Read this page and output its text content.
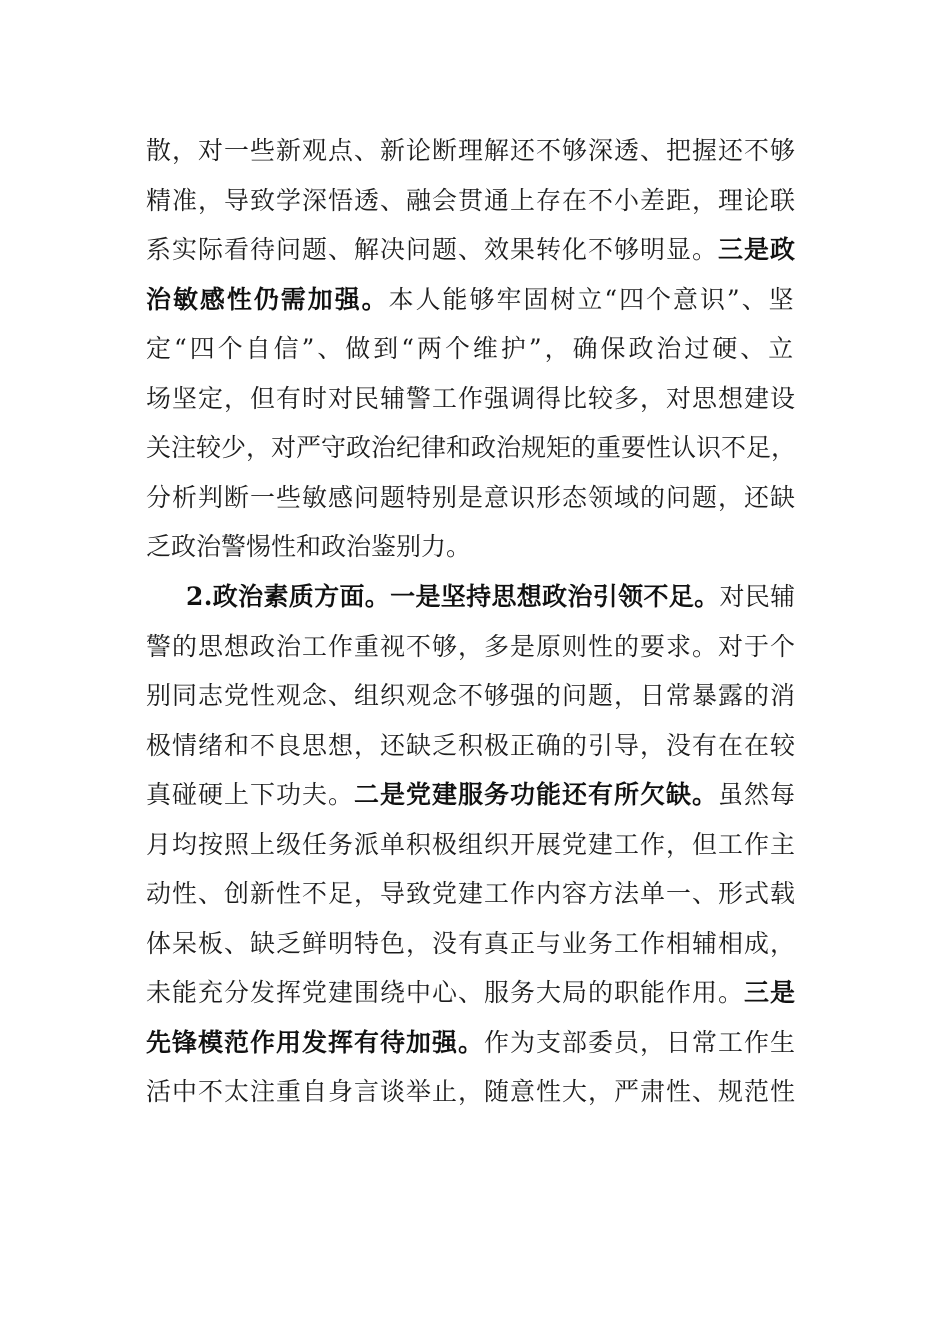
散，对一些新观点、新论断理解还不够深透、把握还不够
精准，导致学深悟透、融会贯通上存在不小差距，理论联
系实际看待问题、解决问题、效果转化不够明显。三是政
治敏感性仍需加强。本人能够牢固树立“四个意识”、坚
定“四个自信”、做到“两个维护”，确保政治过硬、立
场坚定，但有时对民辅警工作强调得比较多，对思想建设
关注较少，对严守政治纪律和政治规矩的重要性认识不足，
分析判断一些敏感问题特别是意识形态领域的问题，还缺
乏政治警惕性和政治鉴别力。
2.政治素质方面。一是坚持思想政治引领不足。对民辅
警的思想政治工作重视不够，多是原则性的要求。对于个
别同志党性观念、组织观念不够强的问题，日常暴露的消
极情绪和不良思想，还缺乏积极正确的引导，没有在在较
真碰硬上下功夫。二是党建服务功能还有所欠缺。虽然每
月均按照上级任务派单积极组织开展党建工作，但工作主
动性、创新性不足，导致党建工作内容方法单一、形式载
体呆板、缺乏鲜明特色，没有真正与业务工作相辅相成，
未能充分发挥党建围绕中心、服务大局的职能作用。三是
先锋模范作用发挥有待加强。作为支部委员，日常工作生
活中不太注重自身言谈举止，随意性大，严肃性、规范性
